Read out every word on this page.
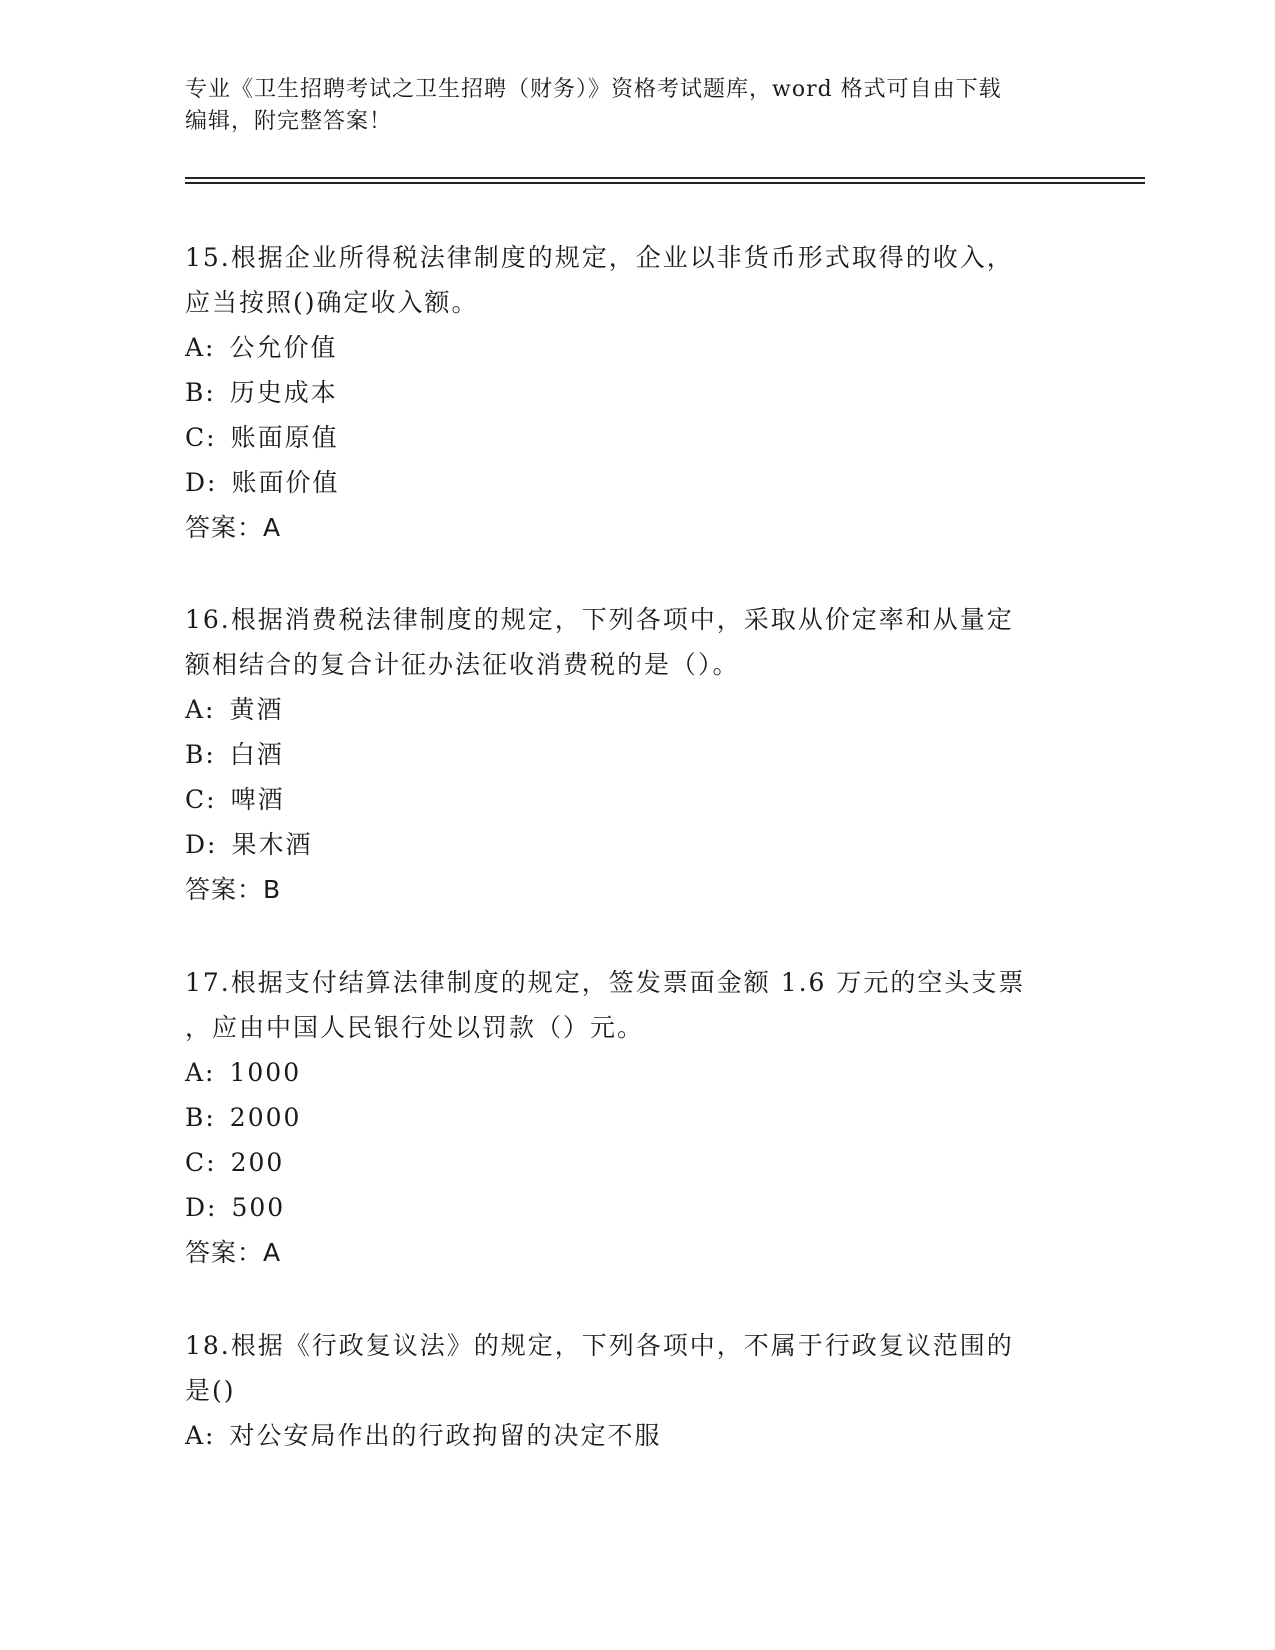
专业《卫生招聘考试之卫生招聘（财务）》资格考试题库，word 格式可自由下载
编辑，附完整答案！

15.根据企业所得税法律制度的规定，企业以非货币形式取得的收入，

应当按照()确定收入额。

A: 公允价值

B: 历史成本

C: 账面原值

D: 账面价值

答案：A

16.根据消费税法律制度的规定，下列各项中，采取从价定率和从量定

额相结合的复合计征办法征收消费税的是（）。

A: 黄酒

B: 白酒

C: 啤酒

D: 果木酒

答案：B

17.根据支付结算法律制度的规定，签发票面金额 1.6 万元的空头支票

，应由中国人民银行处以罚款（）元。

A: 1000

B: 2000

C: 200

D: 500

答案：A

18.根据《行政复议法》的规定，下列各项中，不属于行政复议范围的

是()

A: 对公安局作出的行政拘留的决定不服
